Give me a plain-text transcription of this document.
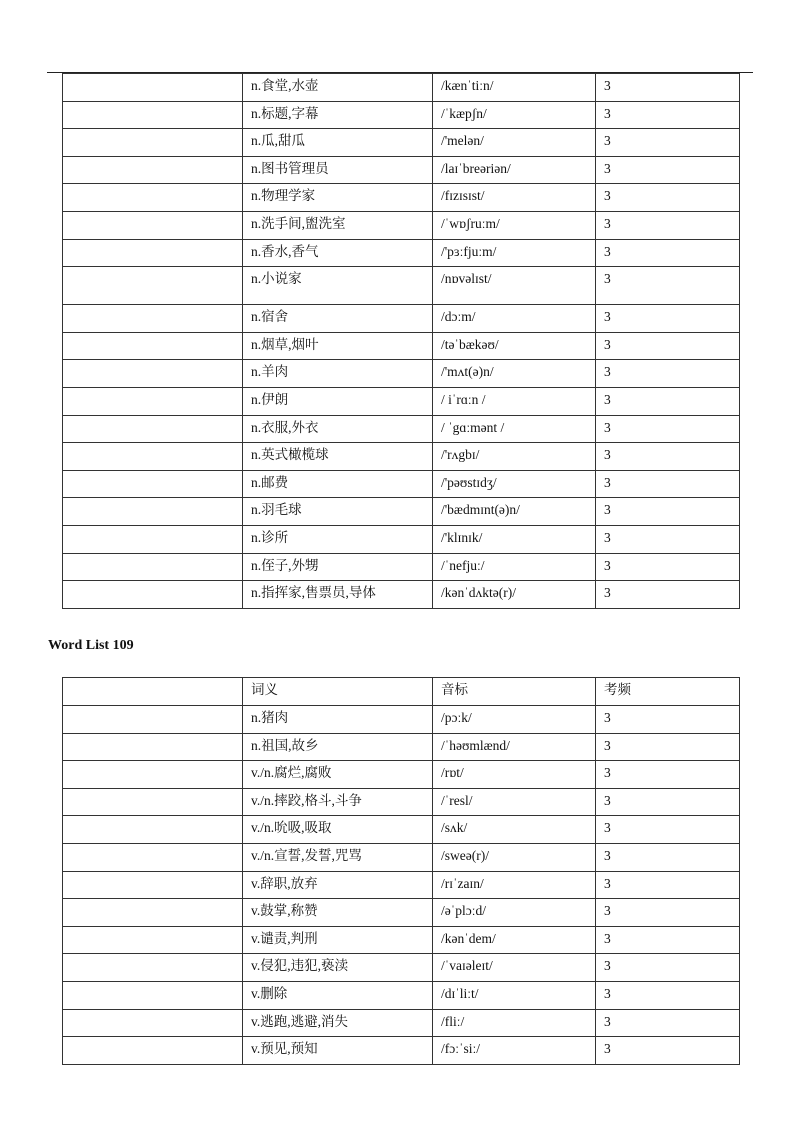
	n.食堂,水壶	/kænˈtiːn/	3
	n.标题,字幕	/ˈkæpʃn/	3
	n.瓜,甜瓜	/'melən/	3
	n.图书管理员	/laɪˈbreəriən/	3
	n.物理学家	/fɪzɪsɪst/	3
	n.洗手间,盥洗室	/ˈwɒʃruːm/	3
	n.香水,香气	/'pɜːfjuːm/	3
	n.小说家	/nɒvəlɪst/	3
	n.宿舍	/dɔːm/	3
	n.烟草,烟叶	/təˈbækəʊ/	3
	n.羊肉	/'mʌt(ə)n/	3
	n.伊朗	/ iˈrɑːn /	3
	n.衣服,外衣	/ ˈgɑːmənt /	3
	n.英式橄榄球	/'rʌgbɪ/	3
	n.邮费	/'pəʊstɪdʒ/	3
	n.羽毛球	/'bædmɪnt(ə)n/	3
	n.诊所	/'klɪnɪk/	3
	n.侄子,外甥	/ˈnefjuː/	3
	n.指挥家,售票员,导体	/kənˈdʌktə(r)/	3
Word List 109
	词义	音标	考频
	n.猪肉	/pɔːk/	3
	n.祖国,故乡	/ˈhəʊmlænd/	3
	v./n.腐烂,腐败	/rɒt/	3
	v./n.摔跤,格斗,斗争	/ˈresl/	3
	v./n.吮吸,吸取	/sʌk/	3
	v./n.宣誓,发誓,咒骂	/sweə(r)/	3
	v.辞职,放弃	/rɪˈzaɪn/	3
	v.鼓掌,称赞	/əˈplɔːd/	3
	v.谴责,判刑	/kənˈdem/	3
	v.侵犯,违犯,亵渎	/ˈvaɪəleɪt/	3
	v.删除	/dɪˈliːt/	3
	v.逃跑,逃避,消失	/fliː/	3
	v.预见,预知	/fɔːˈsiː/	3
